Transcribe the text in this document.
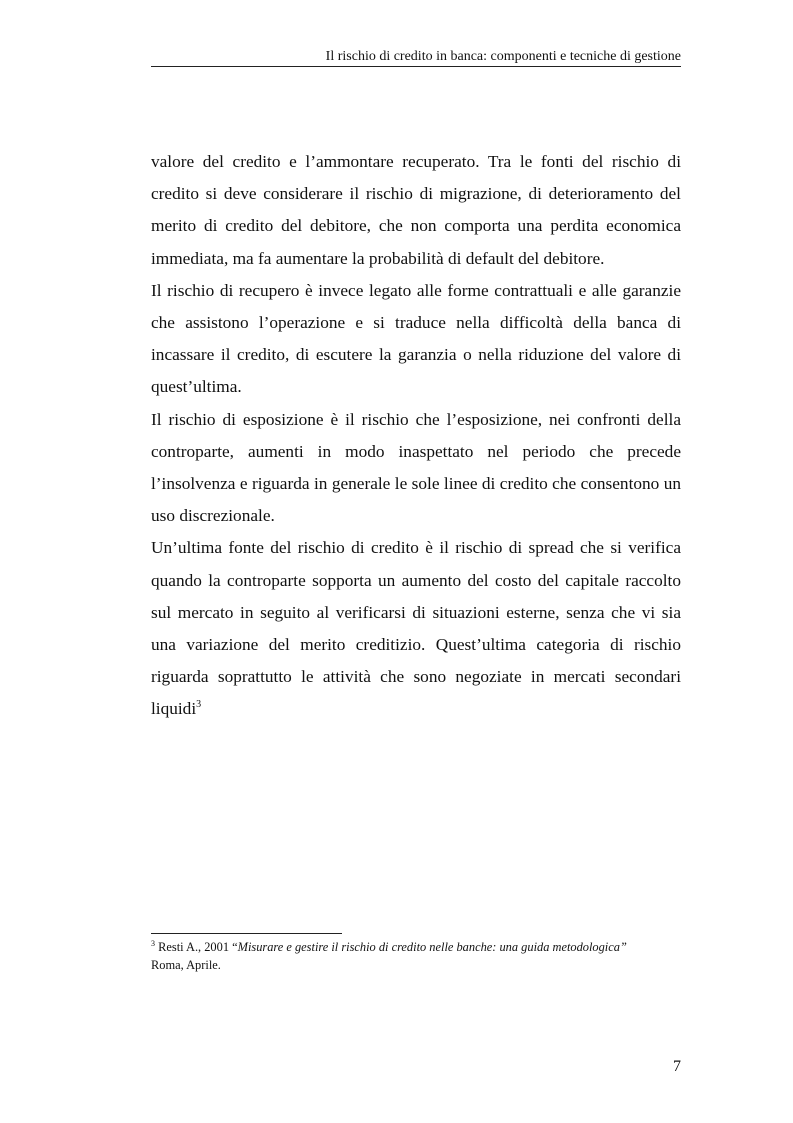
Il rischio di credito in banca: componenti e tecniche di gestione

valore del credito e l’ammontare recuperato. Tra le fonti del rischio di credito si deve considerare il rischio di migrazione, di deterioramento del merito di credito del debitore, che non comporta una perdita economica immediata, ma fa aumentare la probabilità di default del debitore.

Il rischio di recupero è invece legato alle forme contrattuali e alle garanzie che assistono l’operazione e si traduce nella difficoltà della banca di incassare il credito, di escutere la garanzia o nella riduzione del valore di quest’ultima.

Il rischio di esposizione è il rischio che l’esposizione, nei confronti della controparte, aumenti in modo inaspettato nel periodo che precede l’insolvenza e riguarda in generale le sole linee di credito che consentono un uso discrezionale.

Un’ultima fonte del rischio di credito è il rischio di spread che si verifica quando la controparte sopporta un aumento del costo del capitale raccolto sul mercato in seguito al verificarsi di situazioni esterne, senza che vi sia una variazione del merito creditizio. Quest’ultima categoria di rischio riguarda soprattutto le attività che sono negoziate in mercati secondari liquidi$^3$

$^3$ Resti A., 2001 “Misurare e gestire il rischio di credito nelle banche: una guida metodologica”
Roma, Aprile.
7
